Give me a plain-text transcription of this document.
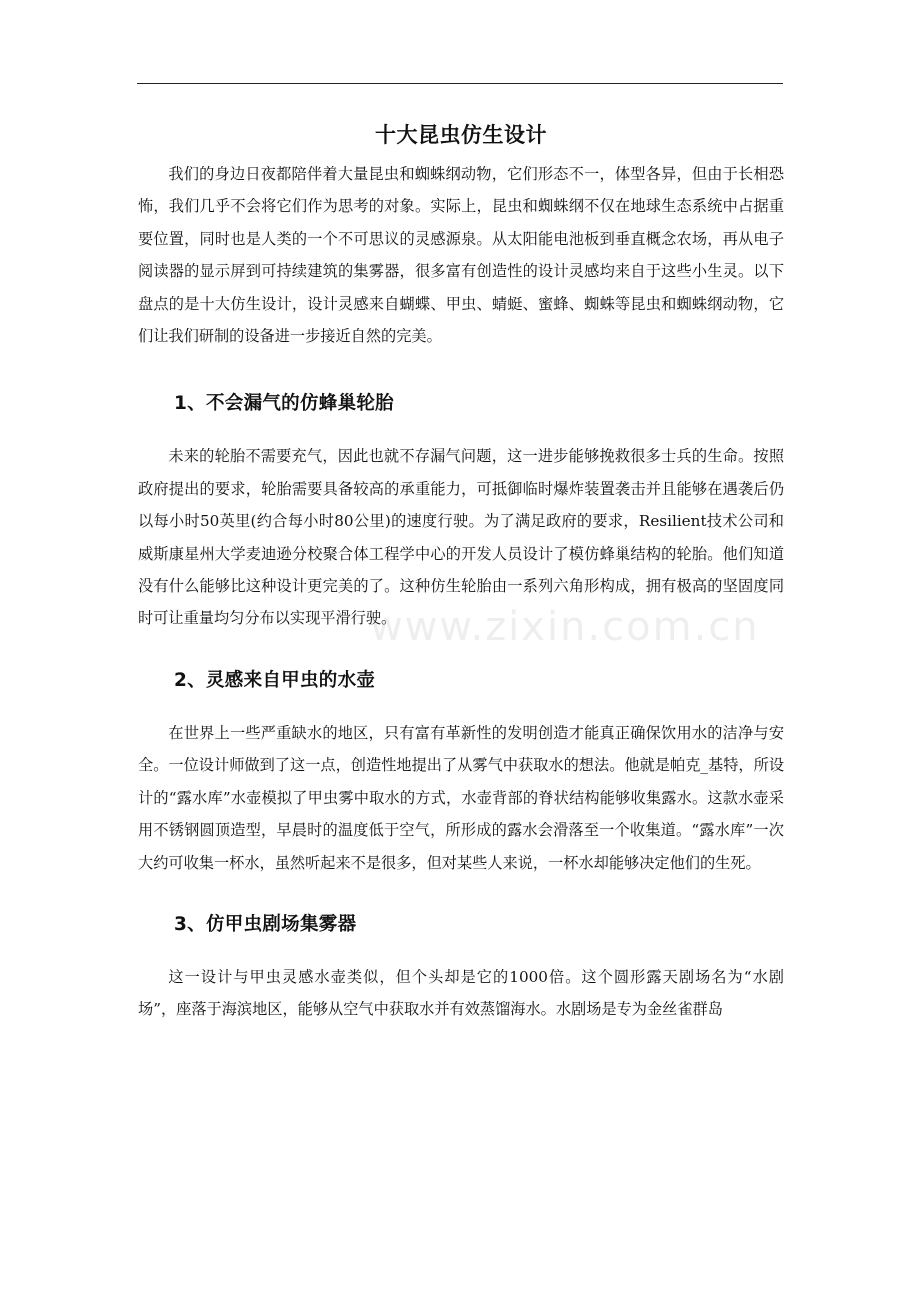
www.zixin.com.cn
十大昆虫仿生设计

我们的身边日夜都陪伴着大量昆虫和蜘蛛纲动物，它们形态不一，体型各异，但由于长相恐怖，我们几乎不会将它们作为思考的对象。实际上，昆虫和蜘蛛纲不仅在地球生态系统中占据重要位置，同时也是人类的一个不可思议的灵感源泉。从太阳能电池板到垂直概念农场，再从电子阅读器的显示屏到可持续建筑的集雾器，很多富有创造性的设计灵感均来自于这些小生灵。以下盘点的是十大仿生设计，设计灵感来自蝴蝶、甲虫、蜻蜓、蜜蜂、蜘蛛等昆虫和蜘蛛纲动物，它们让我们研制的设备进一步接近自然的完美。

1、不会漏气的仿蜂巢轮胎

未来的轮胎不需要充气，因此也就不存漏气问题，这一进步能够挽救很多士兵的生命。按照政府提出的要求，轮胎需要具备较高的承重能力，可抵御临时爆炸装置袭击并且能够在遇袭后仍以每小时50英里(约合每小时80公里)的速度行驶。为了满足政府的要求，Resilient技术公司和威斯康星州大学麦迪逊分校聚合体工程学中心的开发人员设计了模仿蜂巢结构的轮胎。他们知道没有什么能够比这种设计更完美的了。这种仿生轮胎由一系列六角形构成，拥有极高的坚固度同时可让重量均匀分布以实现平滑行驶。

2、灵感来自甲虫的水壶

在世界上一些严重缺水的地区，只有富有革新性的发明创造才能真正确保饮用水的洁净与安全。一位设计师做到了这一点，创造性地提出了从雾气中获取水的想法。他就是帕克_基特，所设计的“露水库”水壶模拟了甲虫雾中取水的方式，水壶背部的脊状结构能够收集露水。这款水壶采用不锈钢圆顶造型，早晨时的温度低于空气，所形成的露水会滑落至一个收集道。“露水库”一次大约可收集一杯水，虽然听起来不是很多，但对某些人来说，一杯水却能够决定他们的生死。

3、仿甲虫剧场集雾器

这一设计与甲虫灵感水壶类似，但个头却是它的1000倍。这个圆形露天剧场名为“水剧场”，座落于海滨地区，能够从空气中获取水并有效蒸馏海水。水剧场是专为金丝雀群岛
